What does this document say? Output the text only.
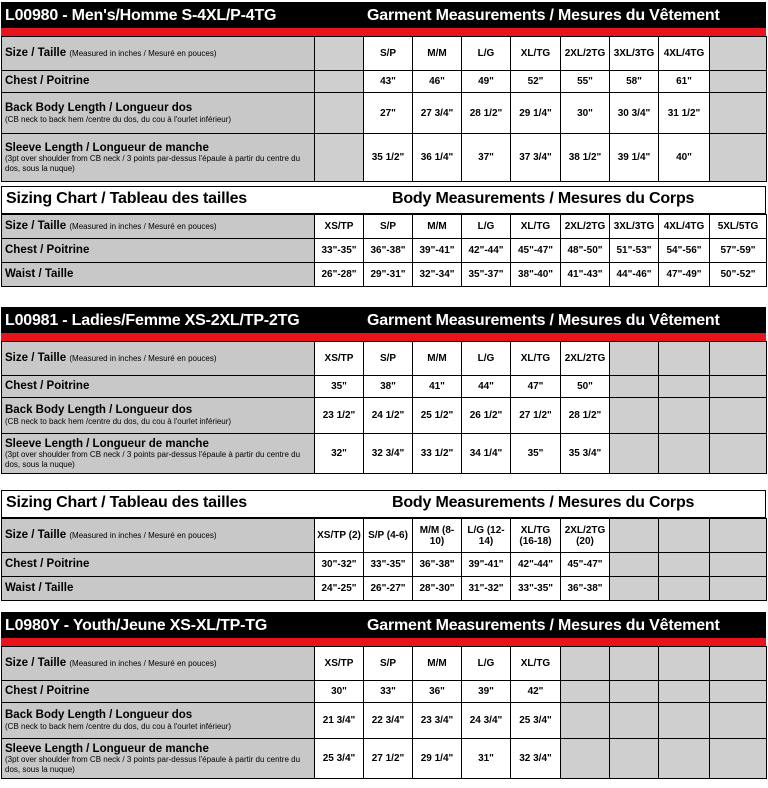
L00980 - Men's/Homme S-4XL/P-4TG	Garment Measurements / Mesures du Vêtement
Size / Taille (Measured in inches / Mesuré en pouces)		S/P	M/M	L/G	XL/TG	2XL/2TG	3XL/3TG	4XL/4TG		
Chest / Poitrine		43"	46"	49"	52"	55"	58"	61"		
Back Body Length / Longueur dos
(CB neck to back hem /centre du dos, du cou à l'ourlet inférieur)		27"	27 3/4"	28 1/2"	29 1/4"	30"	30 3/4"	31 1/2"		
Sleeve Length / Longueur de manche
(3pt over shoulder from CB neck / 3 points par-dessus l'épaule à partir du centre du dos, sous la nuque)		35 1/2"	36 1/4"	37"	37 3/4"	38 1/2"	39 1/4"	40"		
Sizing Chart / Tableau des tailles	Body Measurements / Mesures du Corps
Size / Taille (Measured in inches / Mesuré en pouces)	XS/TP	S/P	M/M	L/G	XL/TG	2XL/2TG	3XL/3TG	4XL/4TG	5XL/5TG	
Chest / Poitrine	33"-35"	36"-38"	39"-41"	42"-44"	45"-47"	48"-50"	51"-53"	54"-56"	57"-59"	
Waist / Taille	26"-28"	29"-31"	32"-34"	35"-37"	38"-40"	41"-43"	44"-46"	47"-49"	50"-52"	
L00981 - Ladies/Femme XS-2XL/TP-2TG	Garment Measurements / Mesures du Vêtement
Size / Taille (Measured in inches / Mesuré en pouces)	XS/TP	S/P	M/M	L/G	XL/TG	2XL/2TG				
Chest / Poitrine	35"	38"	41"	44"	47"	50"				
Back Body Length / Longueur dos
(CB neck to back hem /centre du dos, du cou à l'ourlet inférieur)	23 1/2"	24 1/2"	25 1/2"	26 1/2"	27 1/2"	28 1/2"				
Sleeve Length / Longueur de manche
(3pt over shoulder from CB neck / 3 points par-dessus l'épaule à partir du centre du dos, sous la nuque)	32"	32 3/4"	33 1/2"	34 1/4"	35"	35 3/4"				
Sizing Chart / Tableau des tailles	Body Measurements / Mesures du Corps
Size / Taille (Measured in inches / Mesuré en pouces)	XS/TP (2)	S/P (4-6)	M/M (8-10)	L/G (12-14)	XL/TG (16-18)	2XL/2TG (20)				
Chest / Poitrine	30"-32"	33"-35"	36"-38"	39"-41"	42"-44"	45"-47"				
Waist / Taille	24"-25"	26"-27"	28"-30"	31"-32"	33"-35"	36"-38"				
L0980Y - Youth/Jeune XS-XL/TP-TG	Garment Measurements / Mesures du Vêtement
Size / Taille (Measured in inches / Mesuré en pouces)	XS/TP	S/P	M/M	L/G	XL/TG					
Chest / Poitrine	30"	33"	36"	39"	42"					
Back Body Length / Longueur dos
(CB neck to back hem /centre du dos, du cou à l'ourlet inférieur)	21 3/4"	22 3/4"	23 3/4"	24 3/4"	25 3/4"					
Sleeve Length / Longueur de manche
(3pt over shoulder from CB neck / 3 points par-dessus l'épaule à partir du centre du dos, sous la nuque)	25 3/4"	27 1/2"	29 1/4"	31"	32 3/4"					
